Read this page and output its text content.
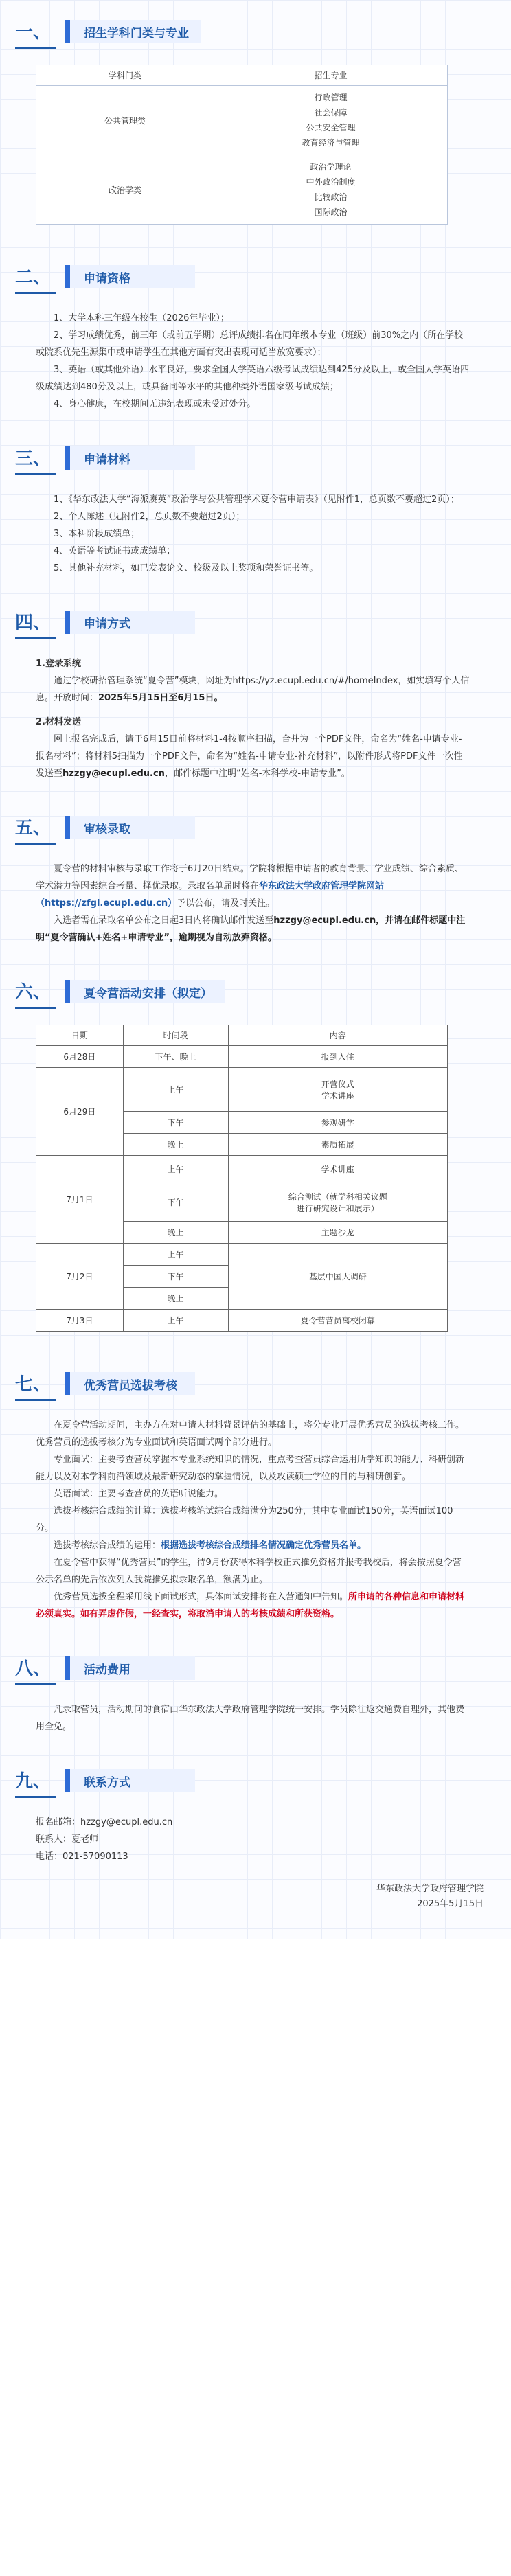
一、	招生学科门类与专业
学科门类	招生专业
公共管理类	行政管理
社会保障
公共安全管理
教育经济与管理

政治学类	政治学理论
中外政治制度
比较政治
国际政治
二、	申请资格

1、大学本科三年级在校生（2026年毕业）；

2、学习成绩优秀，前三年（或前五学期）总评成绩排名在同年级本专业（班级）前30%之内（所在学校或院系优先生源集中或申请学生在其他方面有突出表现可适当放宽要求）；

3、英语（或其他外语）水平良好，要求全国大学英语六级考试成绩达到425分及以上，或全国大学英语四级成绩达到480分及以上，或具备同等水平的其他种类外语国家级考试成绩；

4、身心健康，在校期间无违纪表现或未受过处分。

三、	申请材料

1、《华东政法大学“海派赓英”政治学与公共管理学术夏令营申请表》（见附件1，总页数不要超过2页）；

2、个人陈述（见附件2，总页数不要超过2页）；

3、本科阶段成绩单；

4、英语等考试证书或成绩单；

5、其他补充材料，如已发表论文、校级及以上奖项和荣誉证书等。

四、	申请方式

1.登录系统

通过学校研招管理系统“夏令营”模块，网址为https://yz.ecupl.edu.cn/#/homeIndex，如实填写个人信息。开放时间：2025年5月15日至6月15日。

2.材料发送

网上报名完成后，请于6月15日前将材料1-4按顺序扫描，合并为一个PDF文件，命名为“姓名-申请专业-报名材料”；将材料5扫描为一个PDF文件，命名为“姓名-申请专业-补充材料”，以附件形式将PDF文件一次性发送至hzzgy@ecupl.edu.cn，邮件标题中注明“姓名-本科学校-申请专业”。

五、	审核录取

夏令营的材料审核与录取工作将于6月20日结束。学院将根据申请者的教育背景、学业成绩、综合素质、学术潜力等因素综合考量、择优录取。录取名单届时将在华东政法大学政府管理学院网站（https://zfgl.ecupl.edu.cn）予以公布，请及时关注。

入选者需在录取名单公布之日起3日内将确认邮件发送至hzzgy@ecupl.edu.cn，并请在邮件标题中注明“夏令营确认+姓名+申请专业”，逾期视为自动放弃资格。

六、	夏令营活动安排（拟定）
日期	时间段	内容
6月28日	下午、晚上	报到入住
6月29日	上午	开营仪式
学术讲座

	下午	参观研学
	晚上	素质拓展
7月1日	上午	学术讲座
	下午	综合测试（就学科相关议题
进行研究设计和展示）

	晚上	主题沙龙
7月2日	上午	基层中国大调研
	下午	
	晚上	
7月3日	上午	夏令营营员离校闭幕
七、	优秀营员选拔考核

在夏令营活动期间，主办方在对申请人材料背景评估的基础上，将分专业开展优秀营员的选拔考核工作。优秀营员的选拔考核分为专业面试和英语面试两个部分进行。

专业面试：主要考查营员掌握本专业系统知识的情况，重点考查营员综合运用所学知识的能力、科研创新能力以及对本学科前沿领域及最新研究动态的掌握情况，以及攻读硕士学位的目的与科研创新。

英语面试：主要考查营员的英语听说能力。

选拔考核综合成绩的计算：选拔考核笔试综合成绩满分为250分，其中专业面试150分，英语面试100分。

选拔考核综合成绩的运用：根据选拔考核综合成绩排名情况确定优秀营员名单。

在夏令营中获得“优秀营员”的学生，待9月份获得本科学校正式推免资格并报考我校后，将会按照夏令营公示名单的先后依次列入我院推免拟录取名单，额满为止。

优秀营员选拔全程采用线下面试形式，具体面试安排将在入营通知中告知。所申请的各种信息和申请材料必须真实。如有弄虚作假，一经查实，将取消申请人的考核成绩和所获资格。

八、	活动费用

凡录取营员，活动期间的食宿由华东政法大学政府管理学院统一安排。学员除往返交通费自理外，其他费用全免。

九、	联系方式

报名邮箱：hzzgy@ecupl.edu.cn

联系人：夏老师

电话：021-57090113

华东政法大学政府管理学院
2025年5月15日
